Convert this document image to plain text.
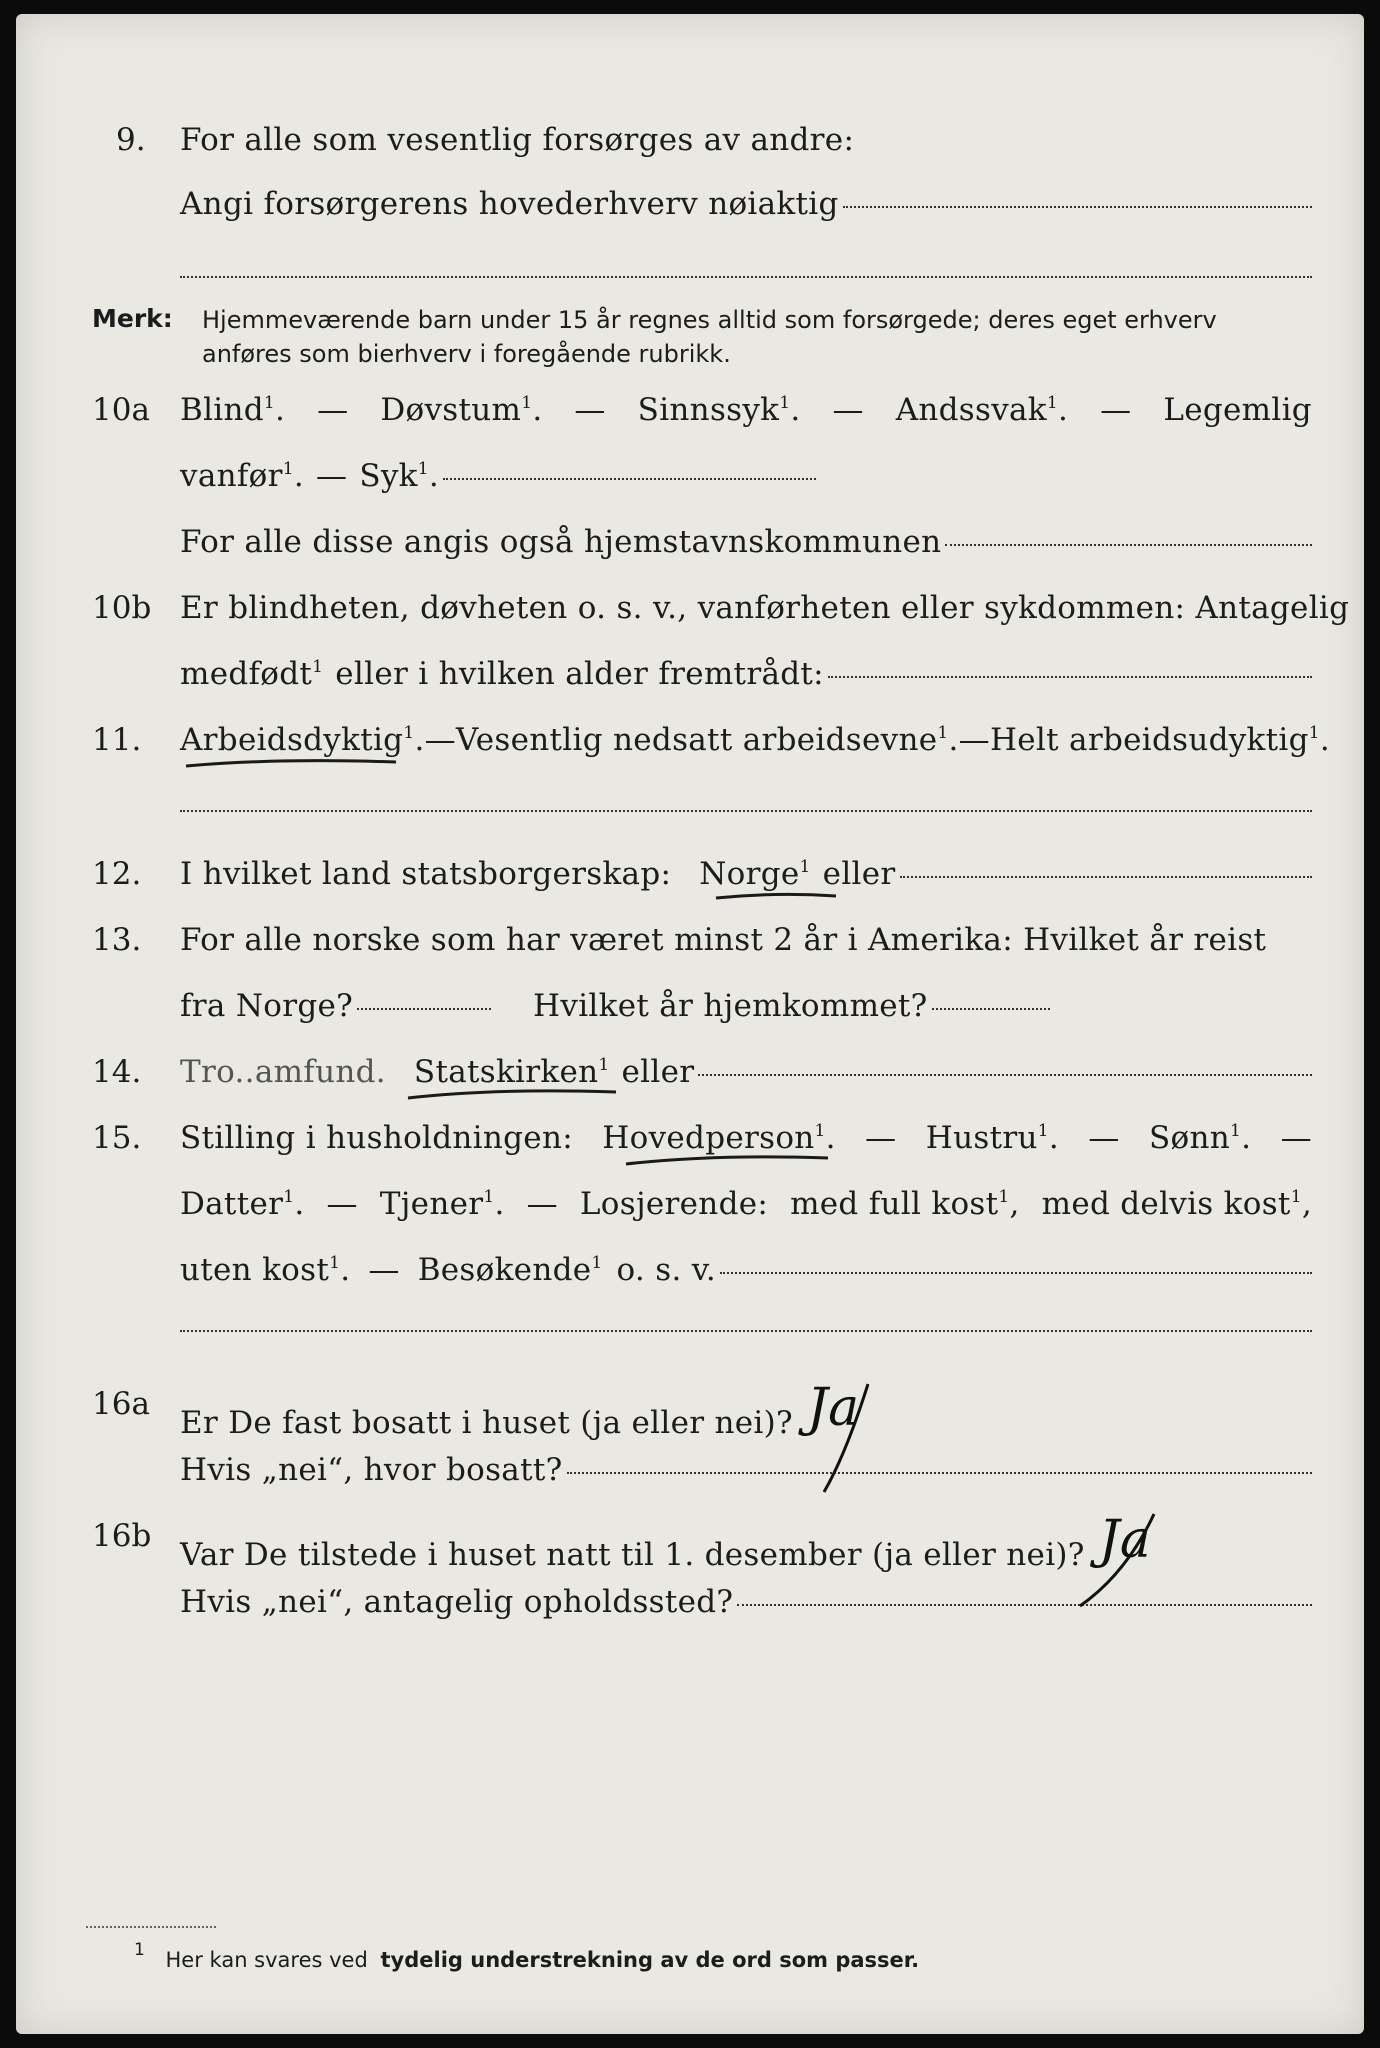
9. For alle som vesentlig forsørges av andre:
Angi forsørgerens hovederhverv nøiaktig
Merk: Hjemmeværende barn under 15 år regnes alltid som forsørgede; deres eget erhverv
anføres som bierhverv i foregående rubrikk.
10a Blind$^1$. — Døvstum$^1$. — Sinnssyk$^1$. — Andssvak$^1$. — Legemlig
vanfør$^1$. — Syk$^1$.
For alle disse angis også hjemstavnskommunen
10b Er blindheten, døvheten o. s. v., vanførheten eller sykdommen: Antagelig
medfødt$^1$ eller i hvilken alder fremtrådt:
11. Arbeidsdyktig$^1$. — Vesentlig nedsatt arbeidsevne$^1$. — Helt arbeidsudyktig$^1$.
12. I hvilket land statsborgerskap: Norge$^1$ eller
13. For alle norske som har været minst 2 år i Amerika: Hvilket år reist
fra Norge?	Hvilket år hjemkommet?
14. Tro..amfund. Statskirken$^1$ eller
15. Stilling i husholdningen: Hovedperson$^1$. — Hustru$^1$. — Sønn$^1$. —
Datter$^1$. — Tjener$^1$. — Losjerende: med full kost$^1$, med delvis kost$^1$,
uten kost$^1$. — Besøkende$^1$ o. s. v.
16a
Er De fast bosatt i huset (ja eller nei)? Ja
Hvis „nei“, hvor bosatt?
16b
Var De tilstede i huset natt til 1. desember (ja eller nei)? Ja
Hvis „nei“, antagelig opholdssted?
$^1$ Her kan svares ved tydelig understrekning av de ord som passer.
